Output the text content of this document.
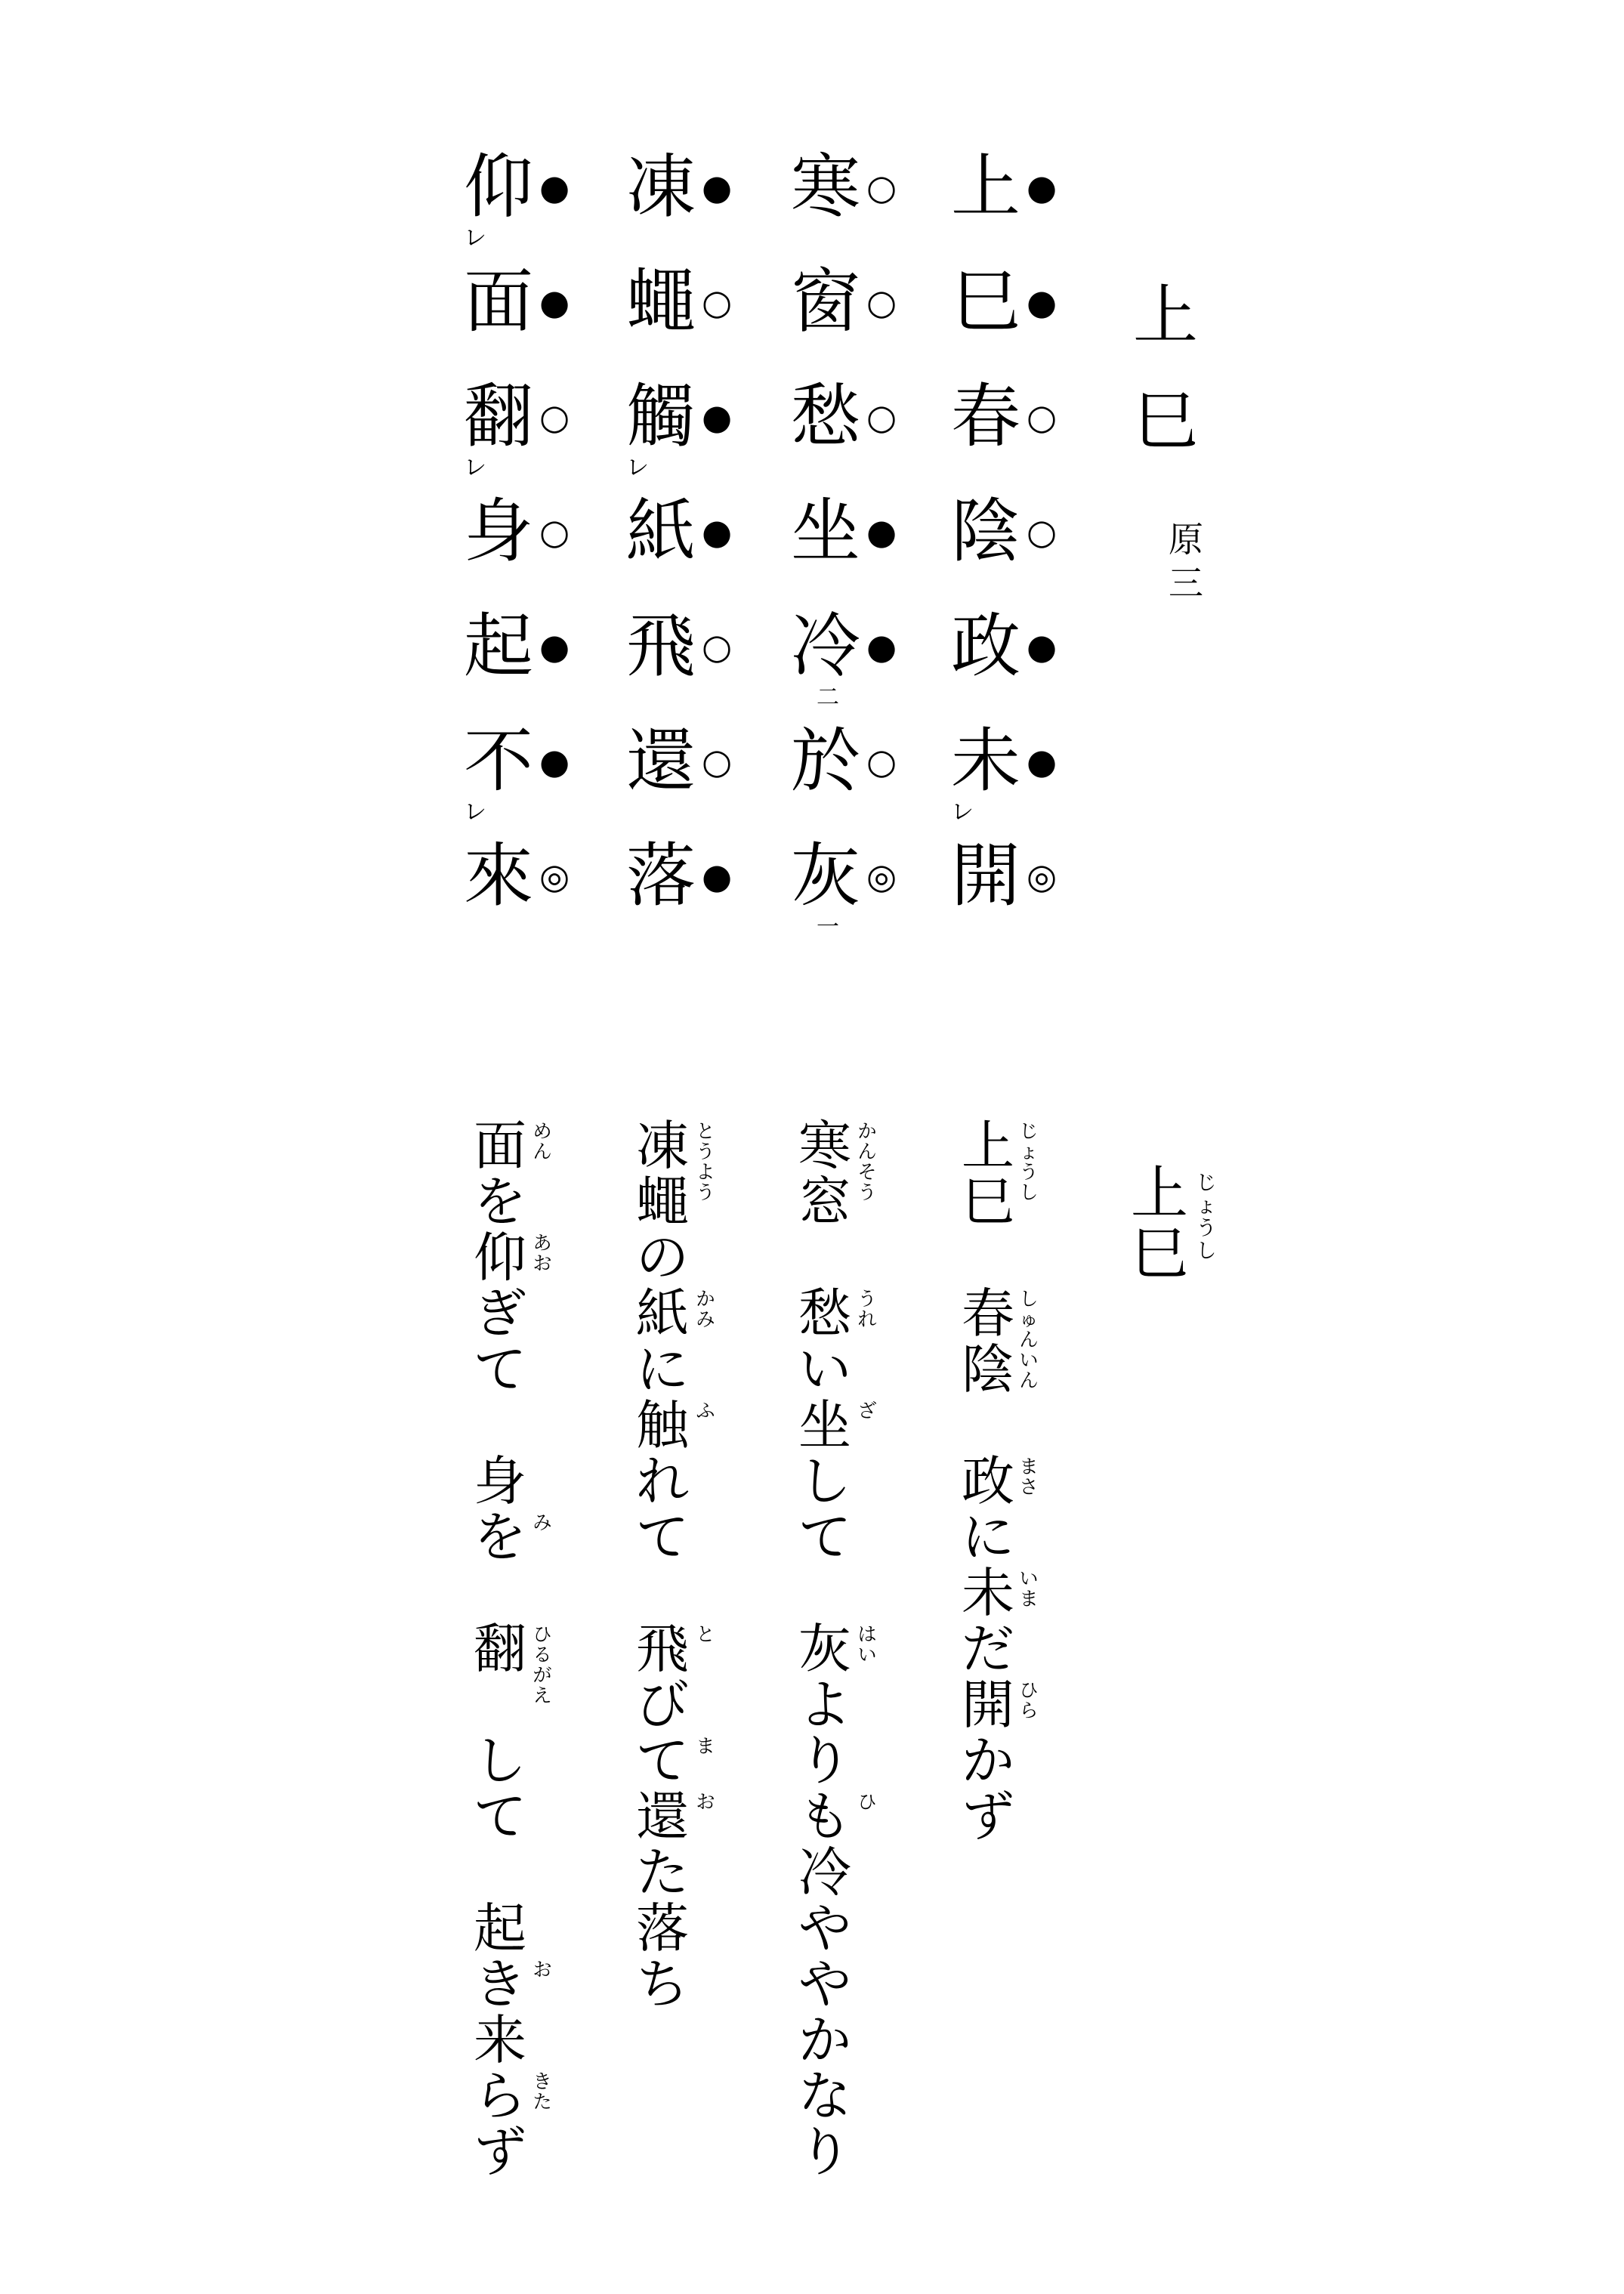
上
巳
原
三
上 ●
巳 ●
春 ○
陰 ○
政 ●
未 ●
レ
開 ◎
寒 ○
窗 ○
愁 ○
坐 ●
冷 ●
二
於 ○
灰 ◎
一
凍 ●
蠅 ○
觸 ●
レ
紙 ●
飛 ○
還 ○
落 ●
仰 ●
レ
面 ●
翻 ○
レ
身 ○
起 ●
不 ●
レ
來 ◎
上
巳
じ
ょ
う
し
上
巳

春
陰

政
に
未
だ
開
か
ず
寒
窓

愁
い
坐
し
て

灰
よ
り
も
冷
や
や
か
な
り
凍
蠅
の
紙
に
触
れ
て

飛
び
て
還
た
落
ち
面
を
仰
ぎ
て

身
を

翻

し
て

起
き
来
ら
ず
じ
ょ
う
し
し
ゅ
ん
い
ん
ま
さ
い
ま
ひ
ら
か
ん
そ
う
う
れ
ざ
は
い
ひ
と
う
よ
う
か
み
ふ
と
ま
お
め
ん
あ
お
み
ひ
る
が
え
お
き
た
